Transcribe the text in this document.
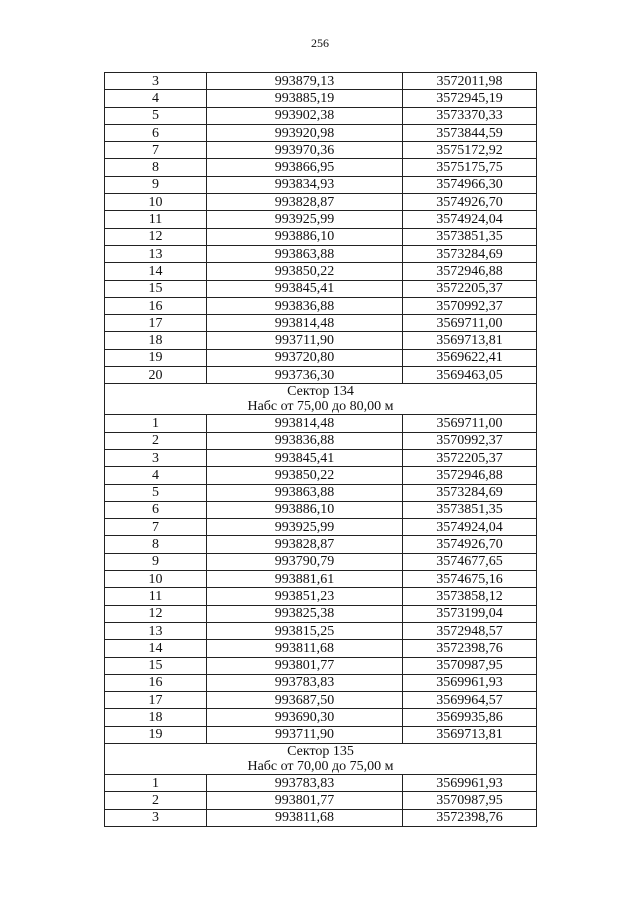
256
3	993879,13	3572011,98
4	993885,19	3572945,19
5	993902,38	3573370,33
6	993920,98	3573844,59
7	993970,36	3575172,92
8	993866,95	3575175,75
9	993834,93	3574966,30
10	993828,87	3574926,70
11	993925,99	3574924,04
12	993886,10	3573851,35
13	993863,88	3573284,69
14	993850,22	3572946,88
15	993845,41	3572205,37
16	993836,88	3570992,37
17	993814,48	3569711,00
18	993711,90	3569713,81
19	993720,80	3569622,41
20	993736,30	3569463,05

Сектор 134
Набс от 75,00 до 80,00 м		

1	993814,48	3569711,00
2	993836,88	3570992,37
3	993845,41	3572205,37
4	993850,22	3572946,88
5	993863,88	3573284,69
6	993886,10	3573851,35
7	993925,99	3574924,04
8	993828,87	3574926,70
9	993790,79	3574677,65
10	993881,61	3574675,16
11	993851,23	3573858,12
12	993825,38	3573199,04
13	993815,25	3572948,57
14	993811,68	3572398,76
15	993801,77	3570987,95
16	993783,83	3569961,93
17	993687,50	3569964,57
18	993690,30	3569935,86
19	993711,90	3569713,81

Сектор 135
Набс от 70,00 до 75,00 м		

1	993783,83	3569961,93
2	993801,77	3570987,95
3	993811,68	3572398,76
